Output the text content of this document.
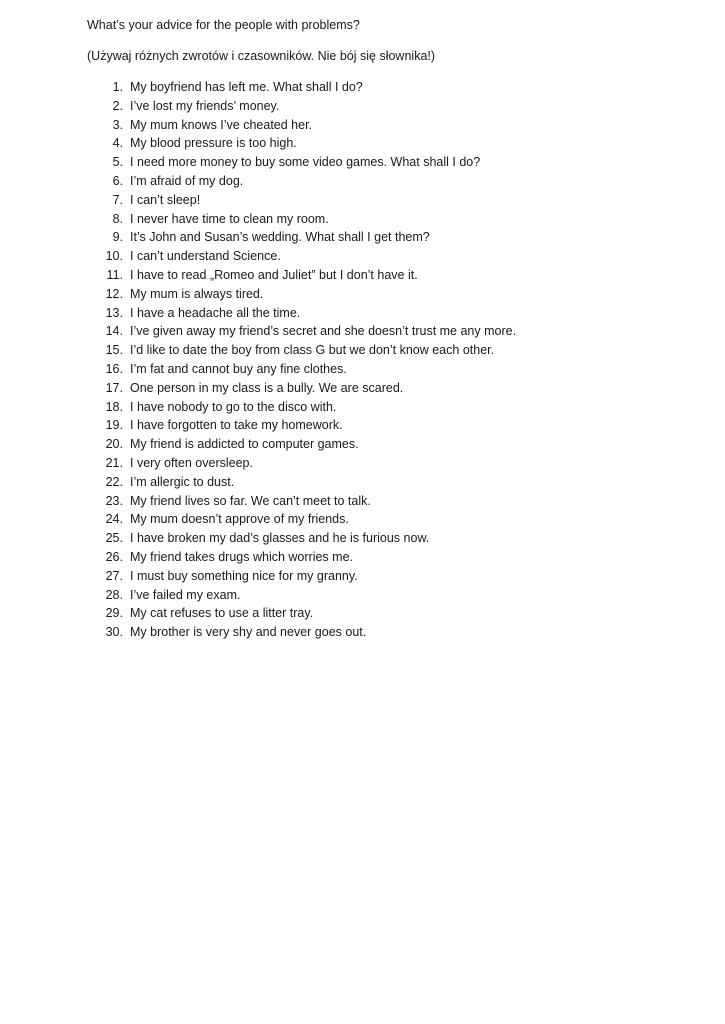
What’s your advice for the people with problems?
(Używaj różnych zwrotów i czasowników. Nie bój się słownika!)
1. My boyfriend has left me. What shall I do?
2. I’ve lost my friends’ money.
3. My mum knows I’ve cheated her.
4. My blood pressure is too high.
5. I need more money to buy some video games. What shall I do?
6. I’m afraid of my dog.
7. I can’t sleep!
8. I never have time to clean my room.
9. It’s John and Susan’s wedding. What shall I get them?
10. I can’t understand Science.
11. I have to read „Romeo and Juliet” but I don’t have it.
12. My mum is always tired.
13. I have a headache all the time.
14. I’ve given away my friend’s secret and she doesn’t trust me any more.
15. I’d like to date the boy from class G but we don’t know each other.
16. I’m fat and cannot buy any fine clothes.
17. One person in my class is a bully. We are scared.
18. I have nobody to go to the disco with.
19. I have forgotten to take my homework.
20. My friend is addicted to computer games.
21. I very often oversleep.
22. I’m allergic to dust.
23. My friend lives so far. We can’t meet to talk.
24. My mum doesn’t approve of my friends.
25. I have broken my dad’s glasses and he is furious now.
26. My friend takes drugs which worries me.
27. I must buy something nice for my granny.
28. I’ve failed my exam.
29. My cat refuses to use a litter tray.
30. My brother is very shy and never goes out.
